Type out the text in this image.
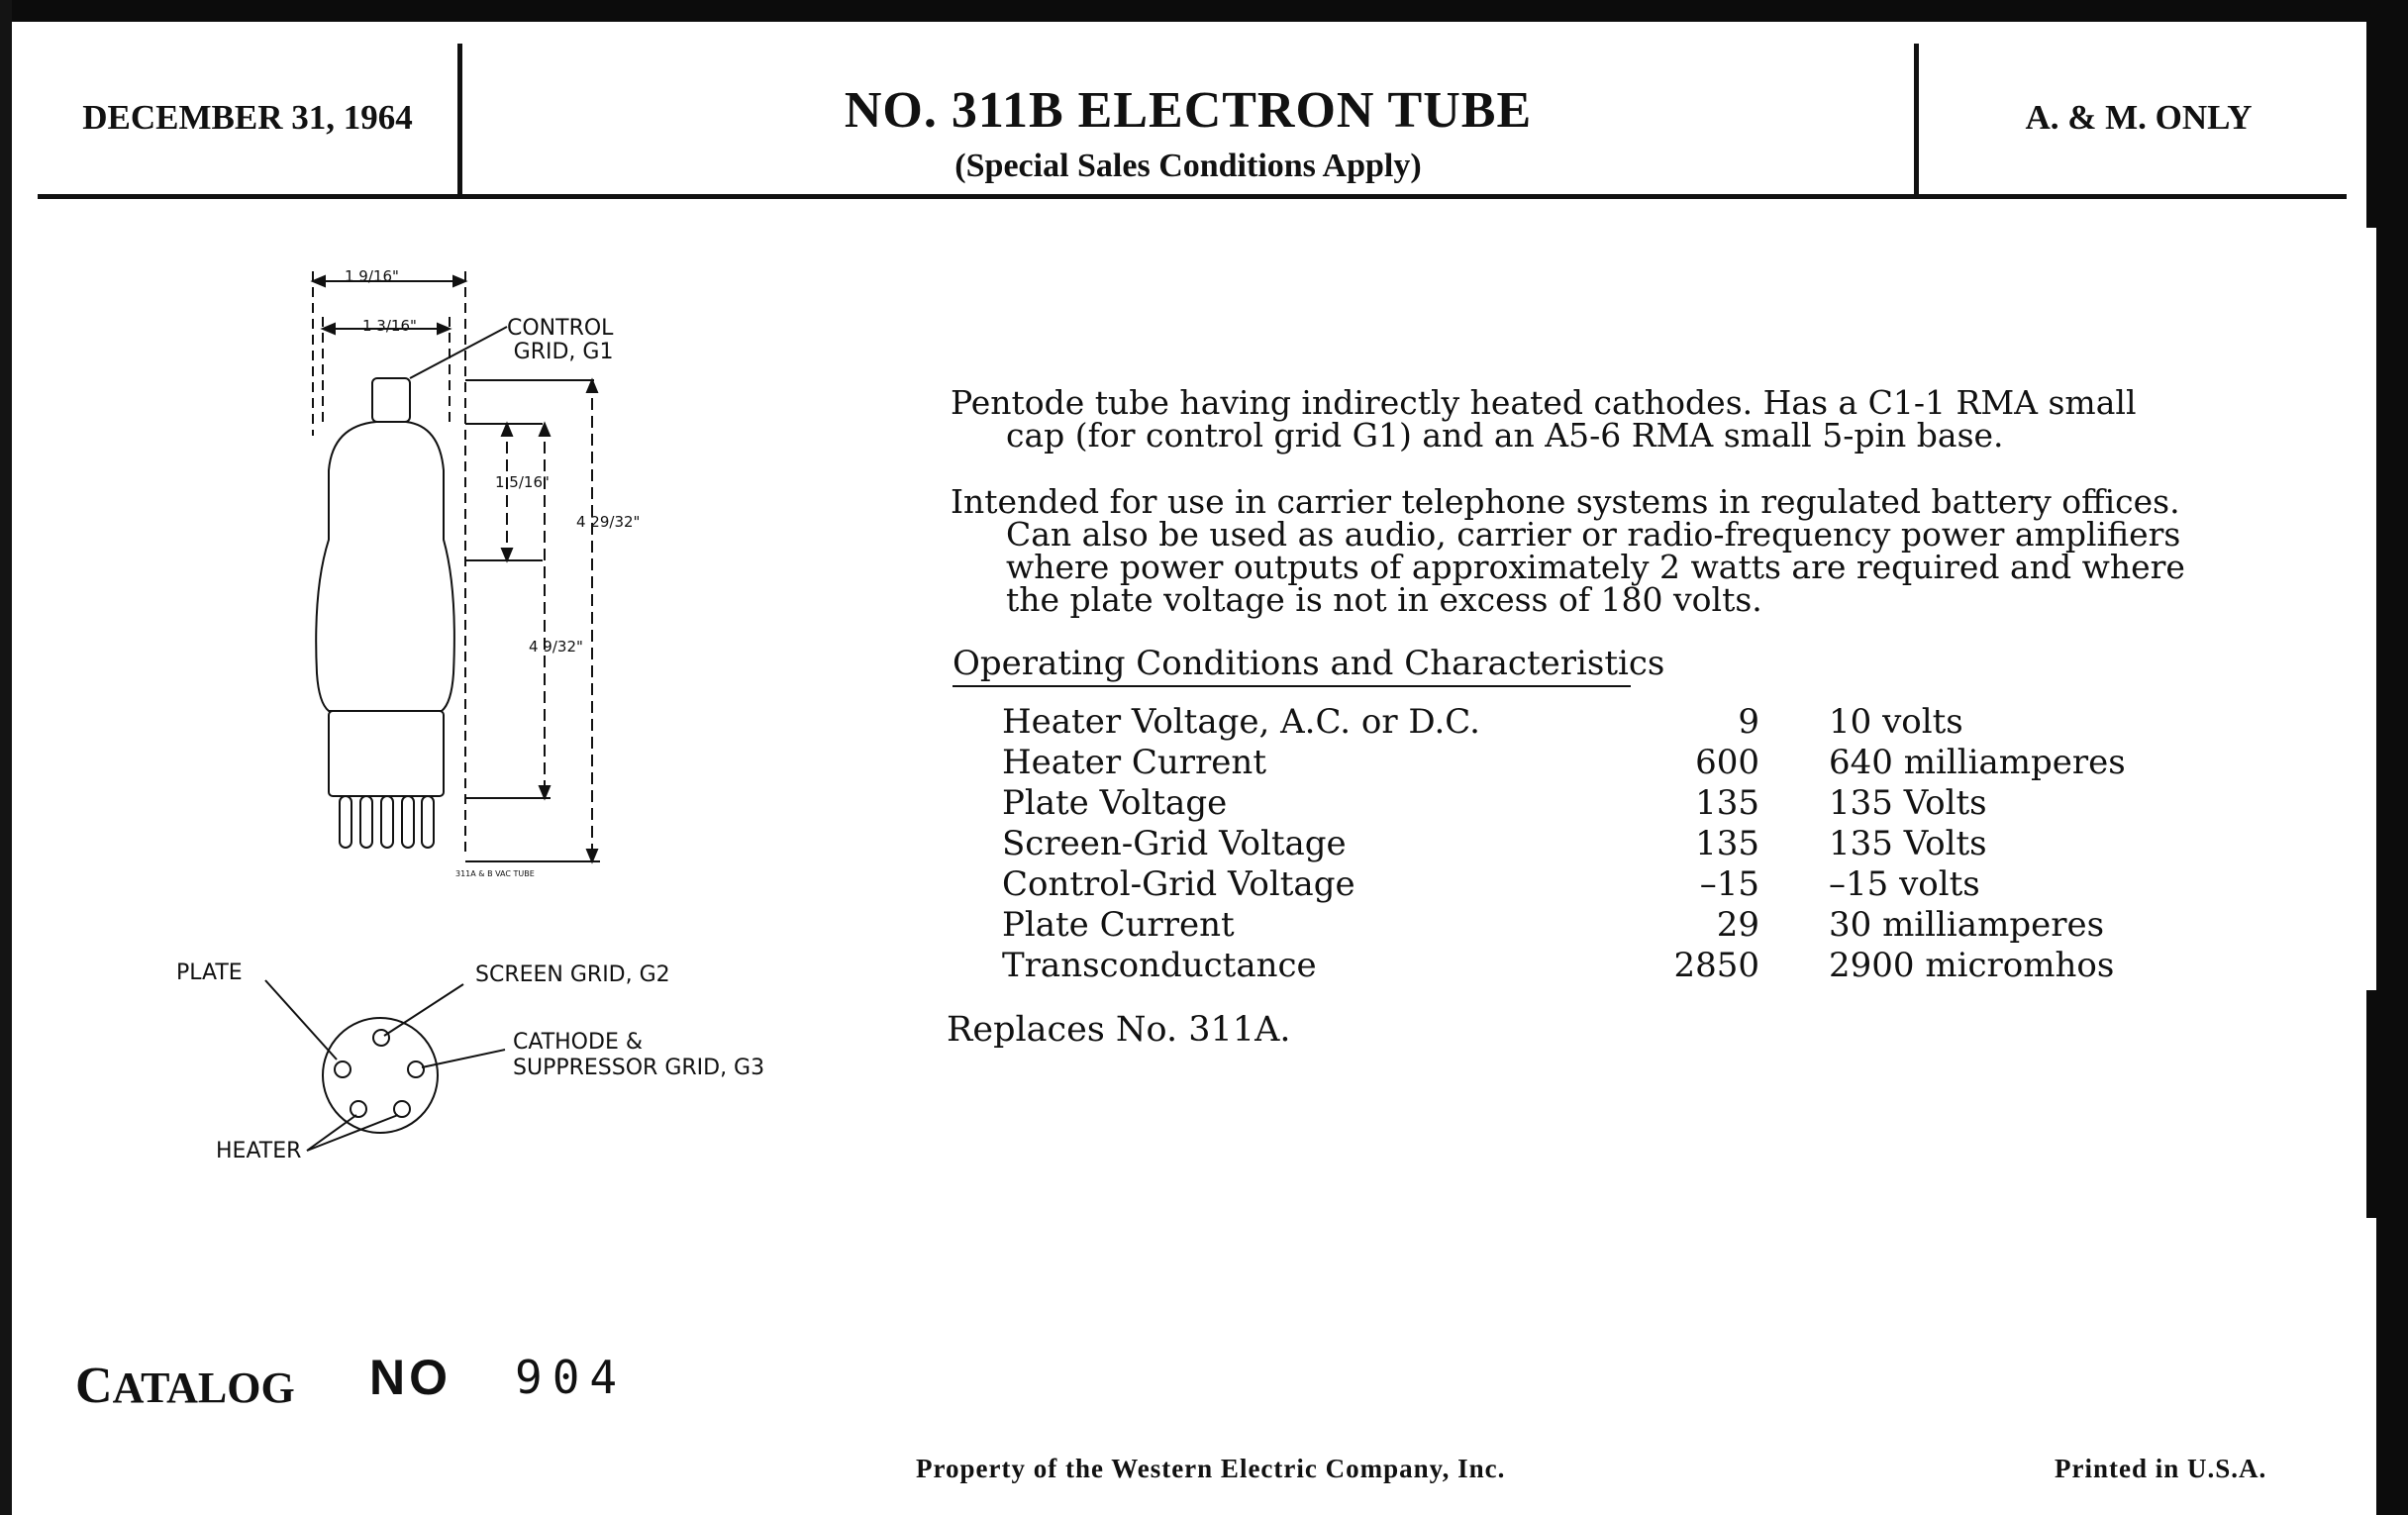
DECEMBER 31, 1964	NO. 311B ELECTRON TUBE
(Special Sales Conditions Apply)
A. & M. ONLY
1 9/16"
1 3/16"
1 5/16"
4 29/32"
4 9/32"
CONTROL
GRID, G1
311A & B VAC TUBE
PLATE	SCREEN GRID, G2
CATHODE &
SUPPRESSOR GRID, G3
HEATER

Pentode tube having indirectly heated cathodes. Has a C1-1 RMA small cap (for control grid G1) and an A5-6 RMA small 5-pin base.

Intended for use in carrier telephone systems in regulated battery offices. Can also be used as audio, carrier or radio-frequency power amplifiers where power outputs of approximately 2 watts are required and where the plate voltage is not in excess of 180 volts.

Operating Conditions and Characteristics
Heater Voltage, A.C. or D.C.	9		10 volts
Heater Current	600		640 milliamperes
Plate Voltage	135		135 Volts
Screen-Grid Voltage	135		135 Volts
Control-Grid Voltage	–15		–15 volts
Plate Current	29		30 milliamperes
Transconductance	2850		2900 micromhos
Replaces No. 311A.
CATALOG NO 904
Property of the Western Electric Company, Inc.	Printed in U.S.A.
